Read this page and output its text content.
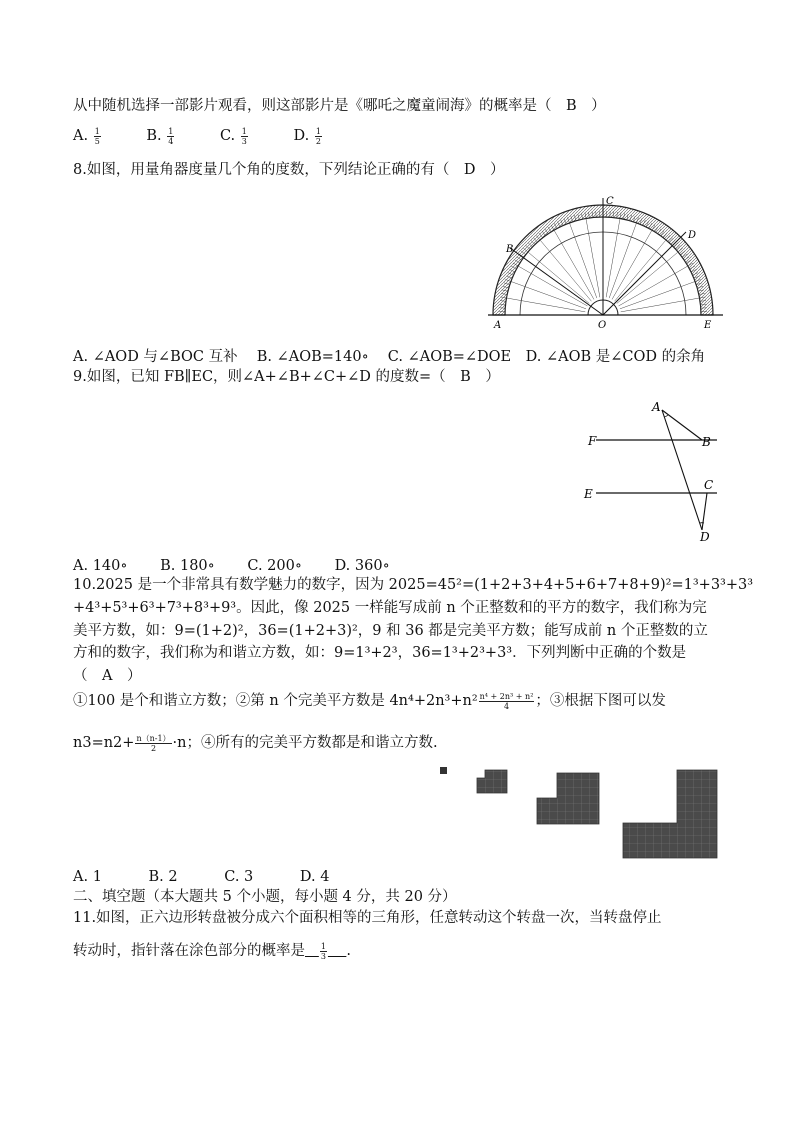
从中随机选择一部影片观看，则这部影片是《哪吒之魔童闹海》的概率是（　B　）
A. $\frac{1}{5}$	B. $\frac{1}{4}$	C. $\frac{1}{3}$	D. $\frac{1}{2}$
8.如图，用量角器度量几个角的度数，下列结论正确的有（　D　）
C
B
D
A	O	E
A. ∠AOD 与∠BOC 互补　 B. ∠AOB=140∘　 C. ∠AOB=∠DOE　D. ∠AOB 是∠COD 的余角
9.如图，已知 FB∥EC，则∠A+∠B+∠C+∠D 的度数=（　B　）
A
B
C
D
E
F
A. 140∘ B. 180∘ C. 200∘ D. 360∘
10.2025 是一个非常具有数学魅力的数字，因为 2025=45²=(1+2+3+4+5+6+7+8+9)²=1³+3³+3³
+4³+5³+6³+7³+8³+9³。因此，像 2025 一样能写成前 n 个正整数和的平方的数字，我们称为完
美平方数，如：9=(1+2)²，36=(1+2+3)²，9 和 36 都是完美平方数；能写成前 n 个正整数的立
方和的数字，我们称为和谐立方数，如：9=1³+2³，36=1³+2³+3³．下列判断中正确的个数是
（　A　）
①100 是个和谐立方数；②第 n 个完美平方数是 $4n^4+2n^3+n^2 \frac{\text{n⁴ + 2n³ + n²}}{4}$ ；③根据下图可以发
$n3=n2+ \frac{n(n‑1)}{2} \cdot n$；④所有的完美平方数都是和谐立方数.
A. 1	B. 2	C. 3	D. 4
二、填空题（本大题共 5 个小题，每小题 4 分，共 20 分）
11.如图，正六边形转盘被分成六个面积相等的三角形，任意转动这个转盘一次，当转盘停止
转动时，指针落在涂色部分的概率是 $\frac{1}{3}$ .
